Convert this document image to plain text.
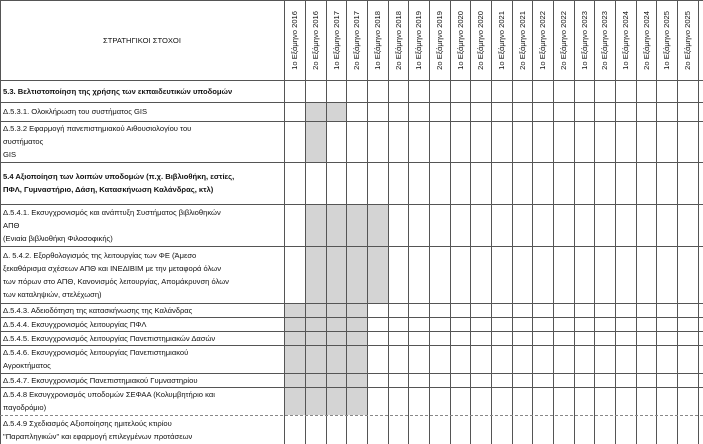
ΣΤΡΑΤΗΓΙΚΟΙ ΣΤΟΧΟΙ	1ο Εξάμηνο 2016 2ο Εξάμηνο 2016 1ο Εξάμηνο 2017 2ο Εξάμηνο 2017 1ο Εξάμηνο 2018 2ο Εξάμηνο 2018 1ο Εξάμηνο 2019 2ο Εξάμηνο 2019 1ο Εξάμηνο 2020 2ο Εξάμηνο 2020 1ο Εξάμηνο 2021 2ο Εξάμηνο 2021 1ο Εξάμηνο 2022 2ο Εξάμηνο 2022 1ο Εξάμηνο 2023 2ο Εξάμηνο 2023 1ο Εξάμηνο 2024 2ο Εξάμηνο 2024 1ο Εξάμηνο 2025 2ο Εξάμηνο 2025
5.3. Βελτιστοποίηση της χρήσης των εκπαιδευτικών υποδομών
Δ.5.3.1. Ολοκλήρωση του συστήματος GIS
Δ.5.3.2 Εφαρμογή πανεπιστημιακού Αιθουσιολογίου του
συστήματος
GIS
5.4 Αξιοποίηση των λοιπών υποδομών (π.χ. Βιβλιοθήκη, εστίες,
ΠΦΛ, Γυμναστήριο, Δάση, Κατασκήνωση Καλάνδρας, κτλ)
Δ.5.4.1. Εκσυγχρονισμός και ανάπτυξη Συστήματος βιβλιοθηκών
ΑΠΘ
(Ενιαία βιβλιοθήκη Φιλοσοφικής)
Δ. 5.4.2. Εξορθολογισμός της λειτουργίας των ΦΕ (Άμεσο
ξεκαθάρισμα σχέσεων ΑΠΘ και ΙΝΕΔΙΒΙΜ με την μεταφορά όλων
των πόρων στο ΑΠΘ, Κανονισμός λειτουργίας, Απομάκρυνση όλων
των καταληψιών, στελέχωση)
Δ.5.4.3. Αδειοδότηση της κατασκήνωσης της Καλάνδρας
Δ.5.4.4. Εκσυγχρονισμός λειτουργίας ΠΦΛ
Δ.5.4.5. Εκσυγχρονισμός λειτουργίας Πανεπιστημιακών Δασών
Δ.5.4.6. Εκσυγχρονισμός λειτουργίας Πανεπιστημιακού
Αγροκτήματος
Δ.5.4.7. Εκσυγχρονισμός Πανεπιστημιακού Γυμναστηρίου
Δ.5.4.8 Εκσυγχρονισμός υποδομών ΣΕΦΑΑ (Κολυμβητήριο και
παγοδρόμιο)
Δ.5.4.9 Σχεδιασμός Αξιοποίησης ημιτελούς κτιρίου
"Παραπληγικών" και εφαρμογή επιλεγμένων προτάσεων
